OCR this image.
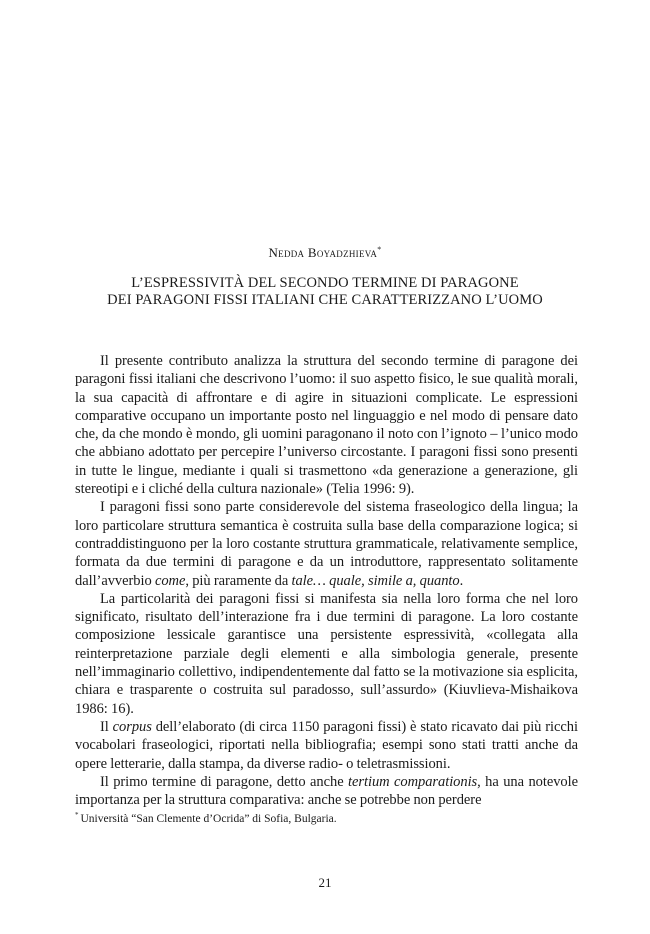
Nedda Boyadzhieva*
L’ESPRESSIVITÀ DEL SECONDO TERMINE DI PARAGONE
DEI PARAGONI FISSI ITALIANI CHE CARATTERIZZANO L’UOMO

Il presente contributo analizza la struttura del secondo termine di paragone dei paragoni fissi italiani che descrivono l’uomo: il suo aspetto fisico, le sue qualità morali, la sua capacità di affrontare e di agire in situazioni complicate. Le espressioni comparative occupano un importante posto nel linguaggio e nel modo di pensare dato che, da che mondo è mondo, gli uomini paragonano il noto con l’ignoto – l’unico modo che abbiano adottato per percepire l’universo circostante. I paragoni fissi sono presenti in tutte le lingue, mediante i quali si trasmettono «da generazione a generazione, gli stereotipi e i cliché della cultura nazionale» (Telia 1996: 9).

I paragoni fissi sono parte considerevole del sistema fraseologico della lingua; la loro particolare struttura semantica è costruita sulla base della comparazione logica; si contraddistinguono per la loro costante struttura grammaticale, relativamente semplice, formata da due termini di paragone e da un introduttore, rappresentato solitamente dall’avverbio come, più raramente da tale… quale, simile a, quanto.

La particolarità dei paragoni fissi si manifesta sia nella loro forma che nel loro significato, risultato dell’interazione fra i due termini di paragone. La loro costante composizione lessicale garantisce una persistente espressività, «collegata alla reinterpretazione parziale degli elementi e alla simbologia generale, presente nell’immaginario collettivo, indipendentemente dal fatto se la motivazione sia esplicita, chiara e trasparente o costruita sul paradosso, sull’assurdo» (Kiuvlieva-Mishaikova 1986: 16).

Il corpus dell’elaborato (di circa 1150 paragoni fissi) è stato ricavato dai più ricchi vocabolari fraseologici, riportati nella bibliografia; esempi sono stati tratti anche da opere letterarie, dalla stampa, da diverse radio- o teletrasmissioni.

Il primo termine di paragone, detto anche tertium comparationis, ha una notevole importanza per la struttura comparativa: anche se potrebbe non perdere

* Università “San Clemente d’Ocrida” di Sofia, Bulgaria.
21
